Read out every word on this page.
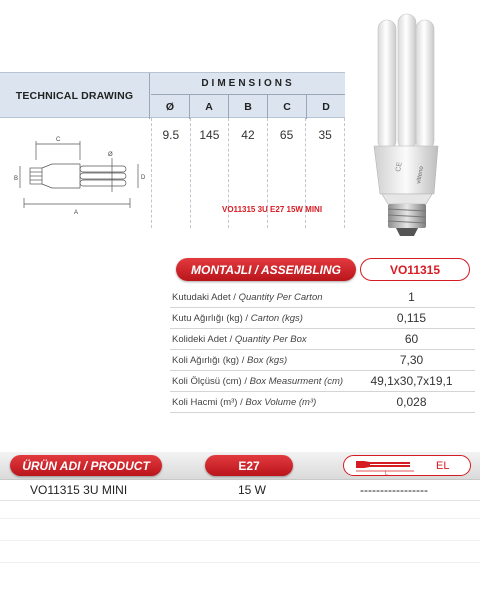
TECHNICAL DRAWING
DIMENSIONS
Ø	A	B	C	D
9.5	145	42	65	35
C
Ø
B	D
A	VO11315 3U E27 15W MINI
CE vitteno
MONTAJLI / ASSEMBLING	VO11315
Kutudaki Adet / Quantity Per Carton	1
Kutu Ağırlığı (kg) / Carton (kgs)	0,115
Kolideki Adet / Quantity Per Box	60
Koli Ağırlığı (kg) / Box (kgs)	7,30
Koli Ölçüsü (cm) / Box Measurment (cm)	49,1x30,7x19,1
Koli Hacmi (m³) / Box Volume (m³)	0,028
ÜRÜN ADI / PRODUCT	E27
L
EL
VO11315 3U MINI	15 W	-----------------
